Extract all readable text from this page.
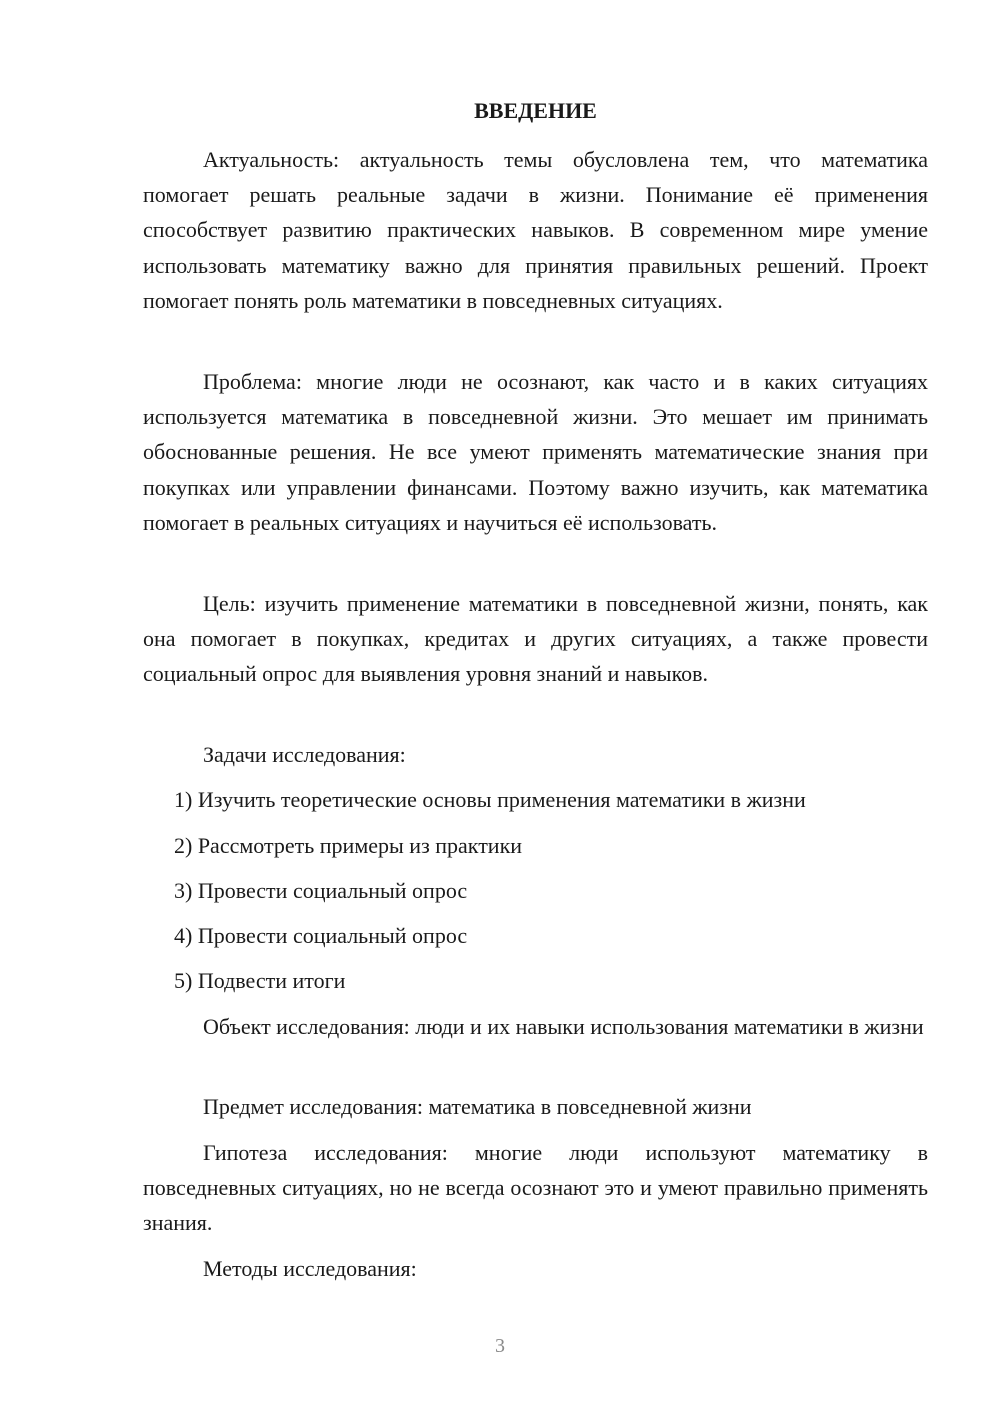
ВВЕДЕНИЕ

Актуальность: актуальность темы обусловлена тем, что математика помогает решать реальные задачи в жизни. Понимание её применения способствует развитию практических навыков. В современном мире умение использовать математику важно для принятия правильных решений. Проект помогает понять роль математики в повседневных ситуациях.

Проблема: многие люди не осознают, как часто и в каких ситуациях используется математика в повседневной жизни. Это мешает им принимать обоснованные решения. Не все умеют применять математические знания при покупках или управлении финансами. Поэтому важно изучить, как математика помогает в реальных ситуациях и научиться её использовать.

Цель: изучить применение математики в повседневной жизни, понять, как она помогает в покупках, кредитах и других ситуациях, а также провести социальный опрос для выявления уровня знаний и навыков.

Задачи исследования:

1) Изучить теоретические основы применения математики в жизни

2) Рассмотреть примеры из практики

3) Провести социальный опрос

4) Провести социальный опрос

5) Подвести итоги

Объект исследования: люди и их навыки использования математики в жизни

Предмет исследования: математика в повседневной жизни

Гипотеза исследования: многие люди используют математику в повседневных ситуациях, но не всегда осознают это и умеют правильно применять знания.

Методы исследования:

3
